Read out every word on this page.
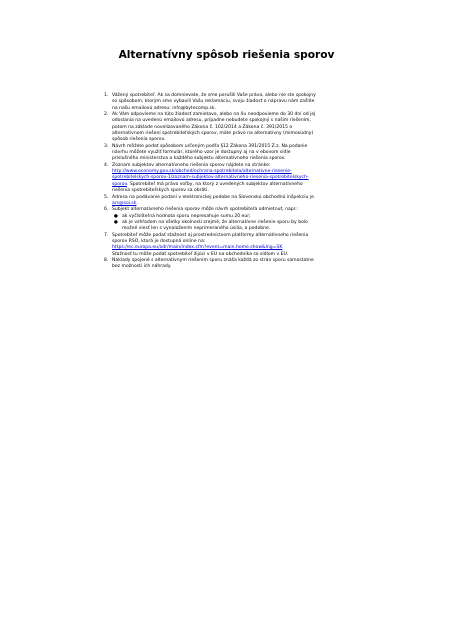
Alternatívny spôsob riešenia sporov
1. Vážený spotrebiteľ. Ak sa domnievate, že sme porušili Vaše práva, alebo nie ste spokojný
so spôsobom, ktorým sme vybavili Vašu reklamáciu, svoju žiadosť o nápravu nám zašlite
na našu emailovú adresu: info@bytecomp.sk.
2. Ak Vám odpovieme na túto žiadosť zamietavo, alebo na ňu neodpovieme do 30 dní od jej
odoslania na uvedenú emailovú adresu, prípadne nebudete spokojný s našim riešením,
potom na základe novelizovaného Zákona č. 102/2014 a Zákona č. 391/2015 o
alternatívnom riešení spotrebiteľských sporov, máte právo na alternatívny (mimosúdny)
spôsob riešenia sporov.
3. Návrh môžete podať spôsobom určeným podľa §12 Zákona 391/2015 Z.z. Na podanie
návrhu môžete využiť formulár, ktorého vzor je dostupný aj na v ebovom sídle
príslušného ministerstva a každého subjektu alternatívneho riešenia sporov.
4. Zoznam subjektov alternatívneho riešenia sporov nájdete na stránke:
http://www.economy.gov.sk/obchod/ochrana-spotrebitela/alternativne-riesenie-
spotrebitelskych-sporov-1/zoznam-subjektov-alternativneho-riesenia-spotrebitelskych-
sporov. Spotrebiteľ má právo voľby, na ktorý z uvedených subjektov alternatívneho
riešenia spotrebiteľských sporov sa obráti.
5. Adresa na podávanie podaní v elektronickej podobe na Slovenskú obchodnú inšpekciu je
ars@soi.sk.
6. Subjekt alternatívneho riešenia sporov môže návrh spotrebiteľa odmietnuť, napr.:
● ak vyčísliteľná hodnota sporu nepresahuje sumu 20 eur;
● ak je vzhľadom na všetky okolnosti zrejmé, že alternatívne riešenie sporu by bolo
možné viesť len s vynaložením neprimeraného úsilia, a podobne.
7. Spotrebiteľ môže podať sťažnosť aj prostredníctvom platformy alternatívneho riešenia
sporov RSO, ktorá je dostupná online na:
https://ec.europa.eu/odr/main/index.cfm?event=main.home.show&lng=SK
Sťažnosť tu môže podať spotrebiteľ žijúci v EU na obchodníka so sídlom v EU.
8. Náklady spojené s alternatívnym riešením sporu znáša každá zo strán sporu samostatne
bez možnosti ich náhrady.
